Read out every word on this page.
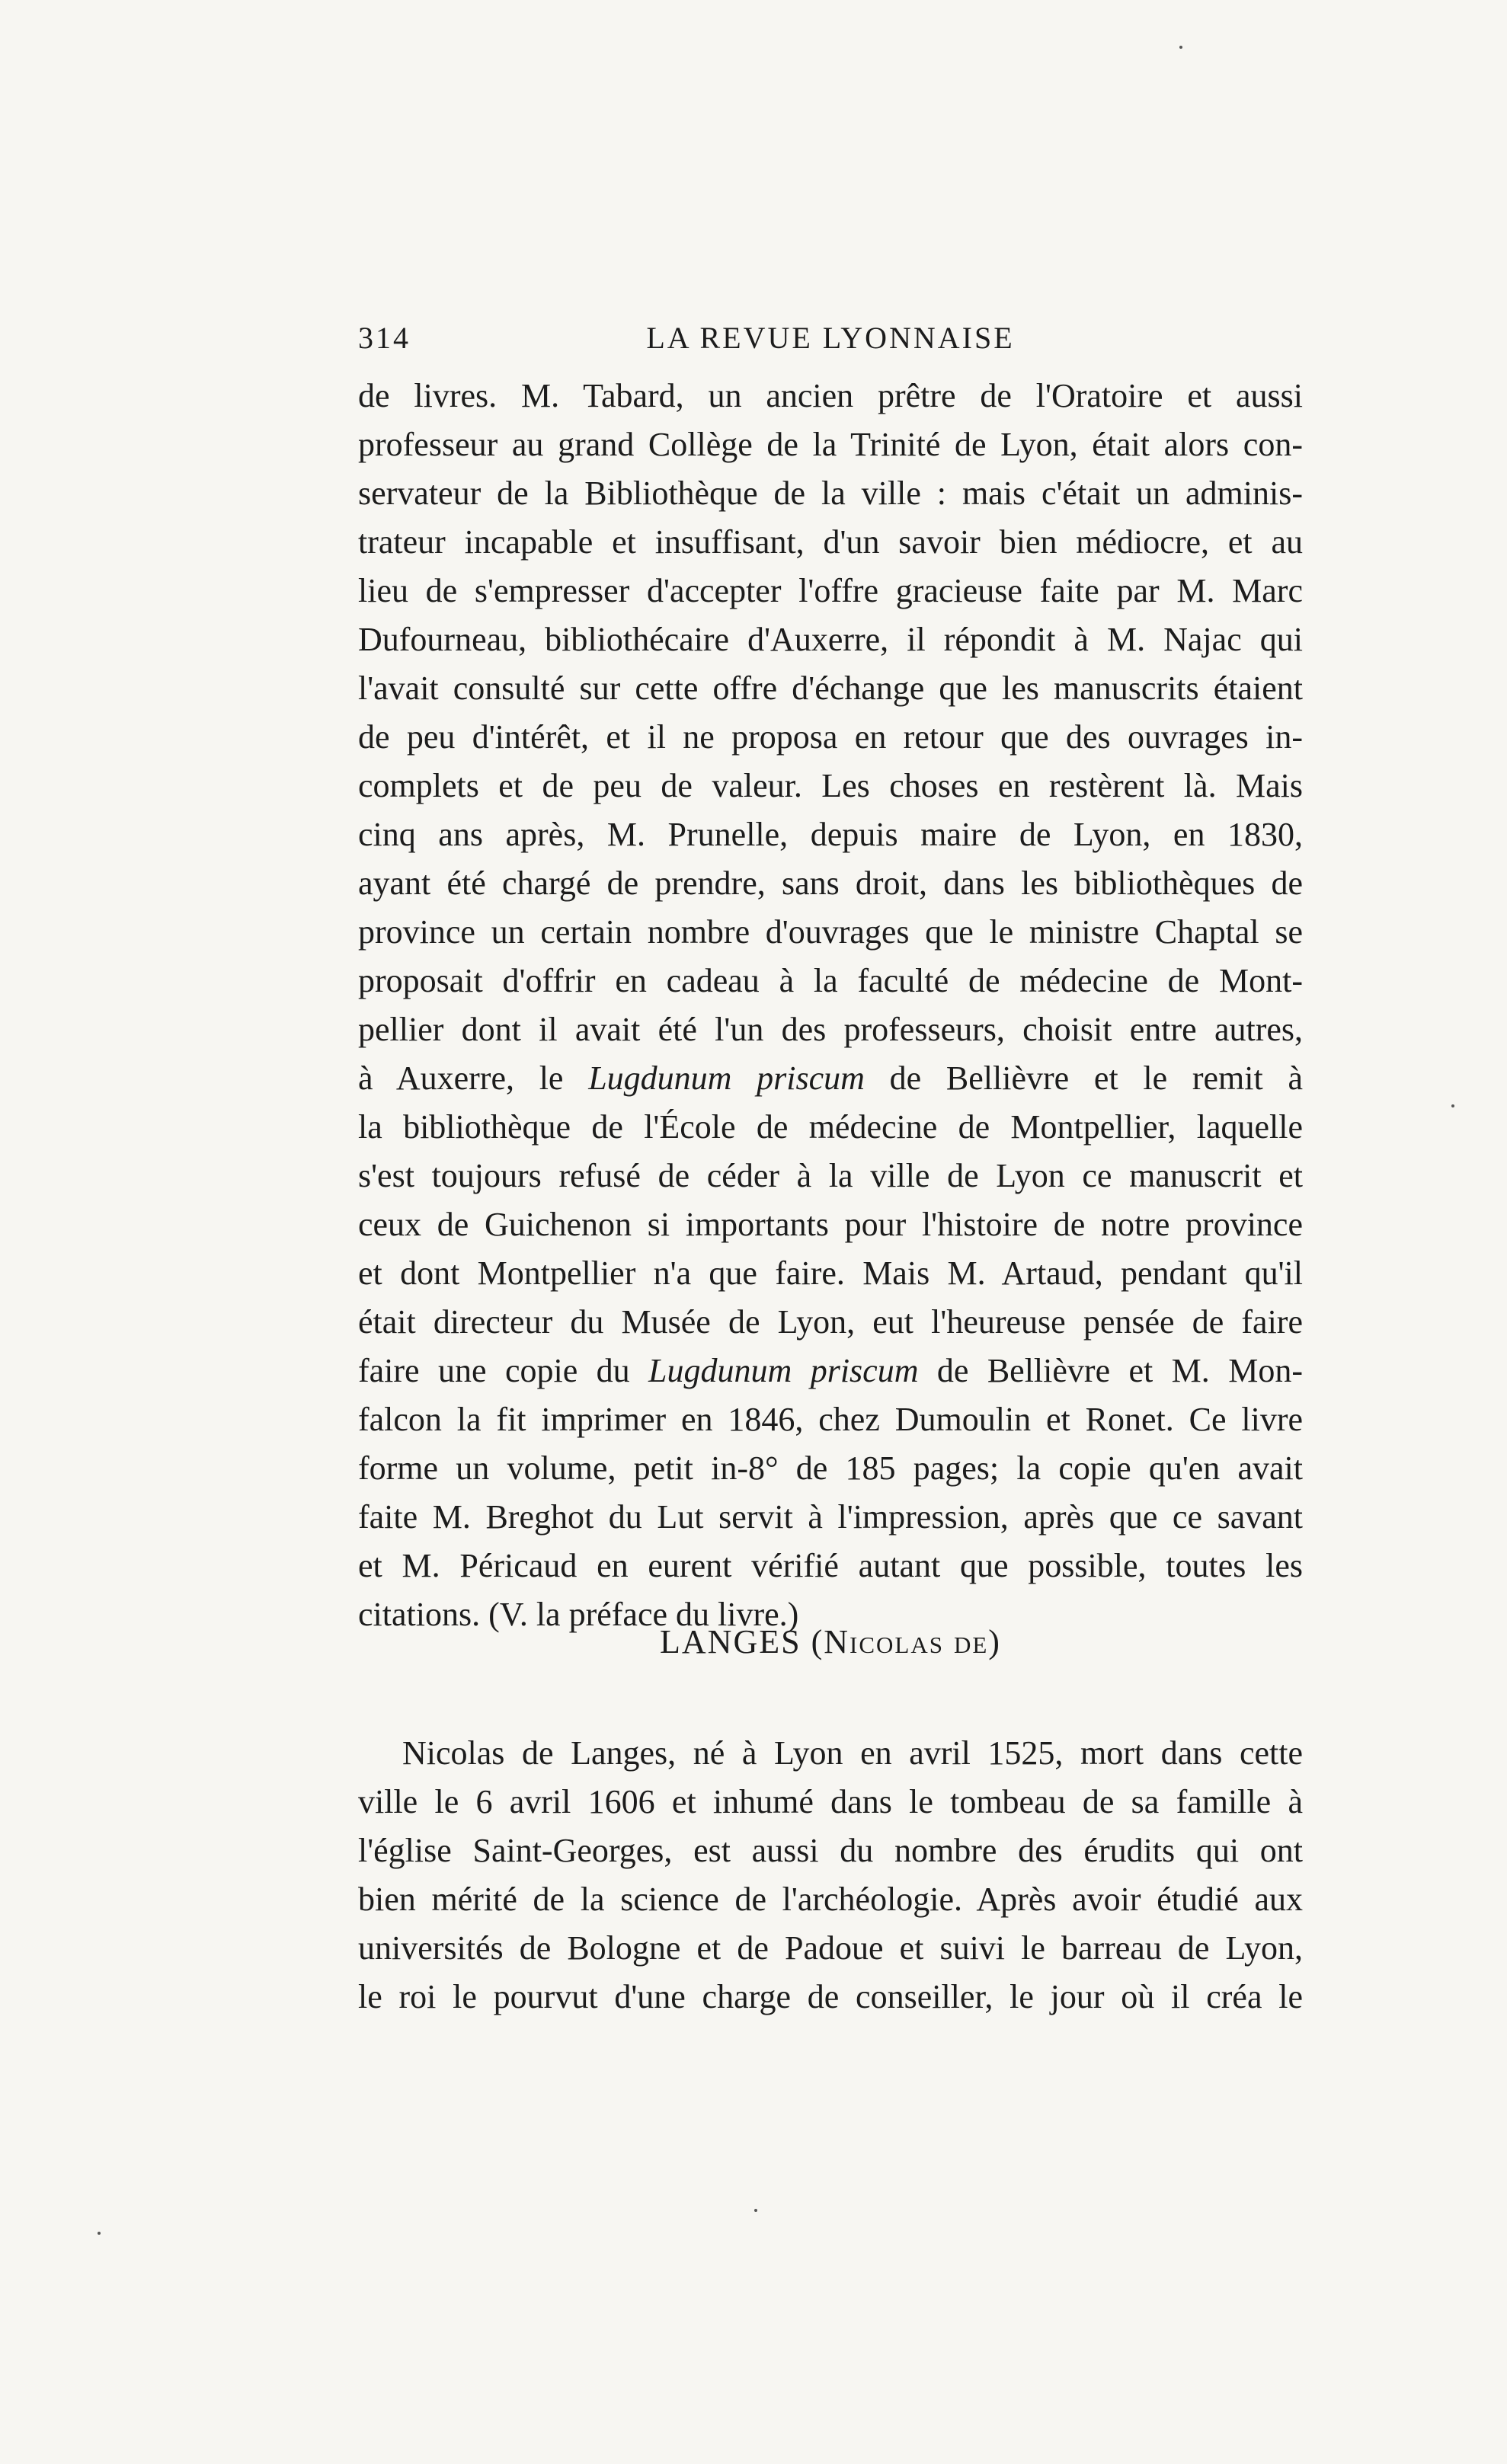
314	LA REVUE LYONNAISE

de livres. M. Tabard, un ancien prêtre de l'Oratoire et aussi
professeur au grand Collège de la Trinité de Lyon, était alors con-
servateur de la Bibliothèque de la ville : mais c'était un adminis-
trateur incapable et insuffisant, d'un savoir bien médiocre, et au
lieu de s'empresser d'accepter l'offre gracieuse faite par M. Marc
Dufourneau, bibliothécaire d'Auxerre, il répondit à M. Najac qui
l'avait consulté sur cette offre d'échange que les manuscrits étaient
de peu d'intérêt, et il ne proposa en retour que des ouvrages in-
complets et de peu de valeur. Les choses en restèrent là. Mais
cinq ans après, M. Prunelle, depuis maire de Lyon, en 1830,
ayant été chargé de prendre, sans droit, dans les bibliothèques de
province un certain nombre d'ouvrages que le ministre Chaptal se
proposait d'offrir en cadeau à la faculté de médecine de Mont-
pellier dont il avait été l'un des professeurs, choisit entre autres,
à Auxerre, le Lugdunum priscum de Bellièvre et le remit à
la bibliothèque de l'École de médecine de Montpellier, laquelle
s'est toujours refusé de céder à la ville de Lyon ce manuscrit et
ceux de Guichenon si importants pour l'histoire de notre province
et dont Montpellier n'a que faire. Mais M. Artaud, pendant qu'il
était directeur du Musée de Lyon, eut l'heureuse pensée de faire
faire une copie du Lugdunum priscum de Bellièvre et M. Mon-
falcon la fit imprimer en 1846, chez Dumoulin et Ronet. Ce livre
forme un volume, petit in-8° de 185 pages; la copie qu'en avait
faite M. Breghot du Lut servit à l'impression, après que ce savant
et M. Péricaud en eurent vérifié autant que possible, toutes les
citations. (V. la préface du livre.)

LANGES (Nicolas de)

Nicolas de Langes, né à Lyon en avril 1525, mort dans cette
ville le 6 avril 1606 et inhumé dans le tombeau de sa famille à
l'église Saint-Georges, est aussi du nombre des érudits qui ont
bien mérité de la science de l'archéologie. Après avoir étudié aux
universités de Bologne et de Padoue et suivi le barreau de Lyon,
le roi le pourvut d'une charge de conseiller, le jour où il créa le
